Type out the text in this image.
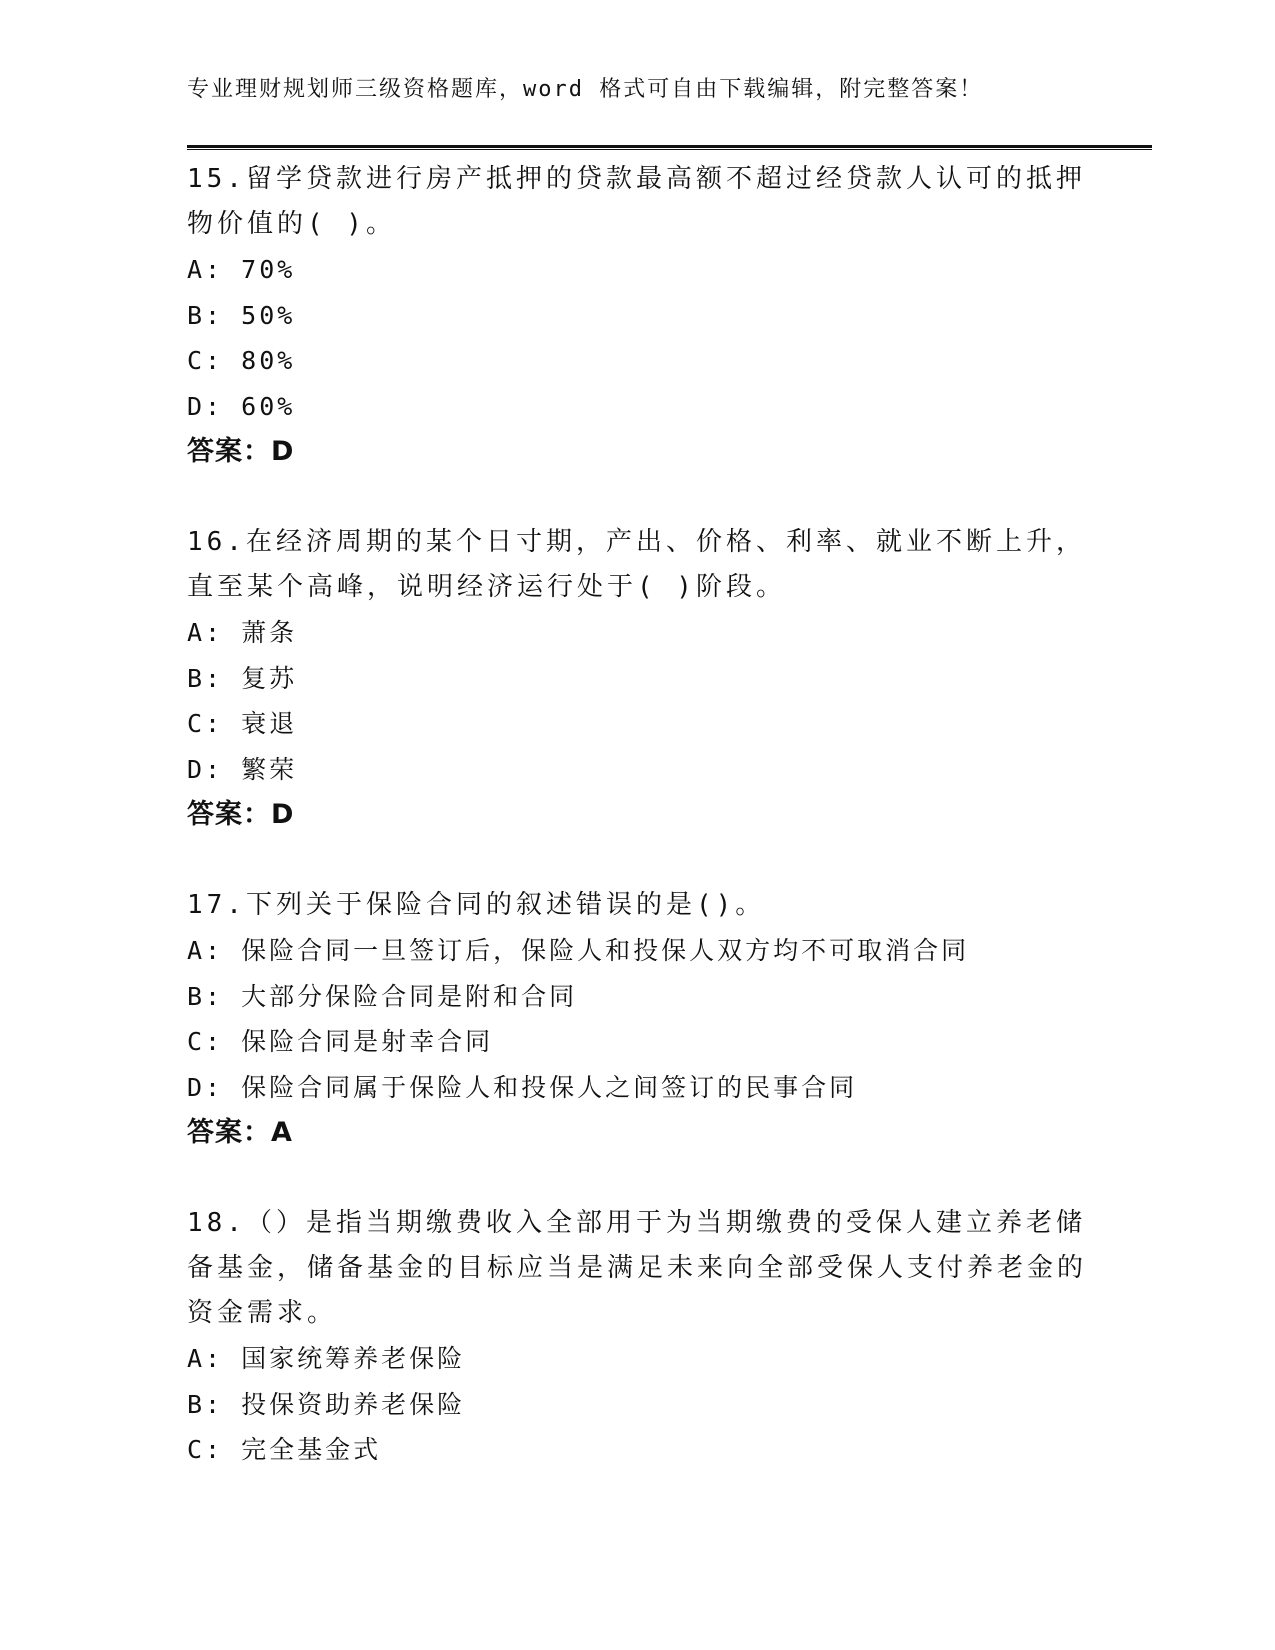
专业理财规划师三级资格题库，word 格式可自由下载编辑，附完整答案！

15.留学贷款进行房产抵押的贷款最高额不超过经贷款人认可的抵押物价值的( )。

A: 70%

B: 50%

C: 80%

D: 60%

答案：D

16.在经济周期的某个日寸期，产出、价格、利率、就业不断上升，直至某个高峰，说明经济运行处于( )阶段。

A: 萧条

B: 复苏

C: 衰退

D: 繁荣

答案：D

17.下列关于保险合同的叙述错误的是()。

A: 保险合同一旦签订后，保险人和投保人双方均不可取消合同

B: 大部分保险合同是附和合同

C: 保险合同是射幸合同

D: 保险合同属于保险人和投保人之间签订的民事合同

答案：A

18.（）是指当期缴费收入全部用于为当期缴费的受保人建立养老储备基金，储备基金的目标应当是满足未来向全部受保人支付养老金的资金需求。

A: 国家统筹养老保险

B: 投保资助养老保险

C: 完全基金式
